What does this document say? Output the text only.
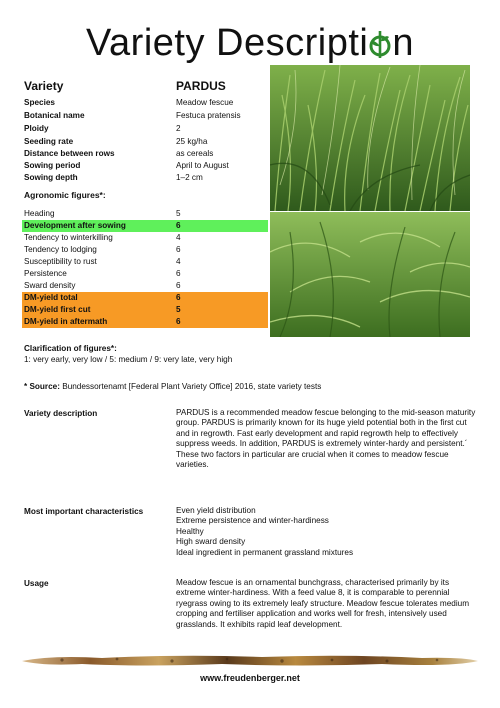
Variety Descripti n
Variety	PARDUS
Species	Meadow fescue
Botanical name	Festuca pratensis
Ploidy	2
Seeding rate	25 kg/ha
Distance between rows	as cereals
Sowing period	April to August
Sowing depth	1–2 cm
Agronomic figures*:
Heading	5
Development after sowing	6
Tendency to winterkilling	4
Tendency to lodging	6
Susceptibility to rust	4
Persistence	6
Sward density	6
DM-yield total	6
DM-yield first cut	5
DM-yield in aftermath	6
Clarification of figures*:
1: very early, very low / 5: medium / 9: very late, very high
* Source: Bundessortenamt [Federal Plant Variety Office] 2016, state variety tests
Variety description	PARDUS is a recommended meadow fescue belonging to the mid-season maturity group. PARDUS is primarily known for its huge yield potential both in the first cut and in regrowth. Fast early development and rapid regrowth help to effectively suppress weeds. In addition, PARDUS is extremely winter-hardy and persistent.´ These two factors in particular are crucial when it comes to meadow fescue varieties.
Most important characteristics	Even yield distribution
Extreme persistence and winter-hardiness
Healthy
High sward density
Ideal ingredient in permanent grassland mixtures
Usage	Meadow fescue is an ornamental bunchgrass, characterised primarily by its extreme winter-hardiness. With a feed value 8, it is comparable to perennial ryegrass owing to its extremely leafy structure. Meadow fescue tolerates medium cropping and fertiliser application and works well for fresh, intensively used grasslands. It exhibits rapid leaf development.
www.freudenberger.net
